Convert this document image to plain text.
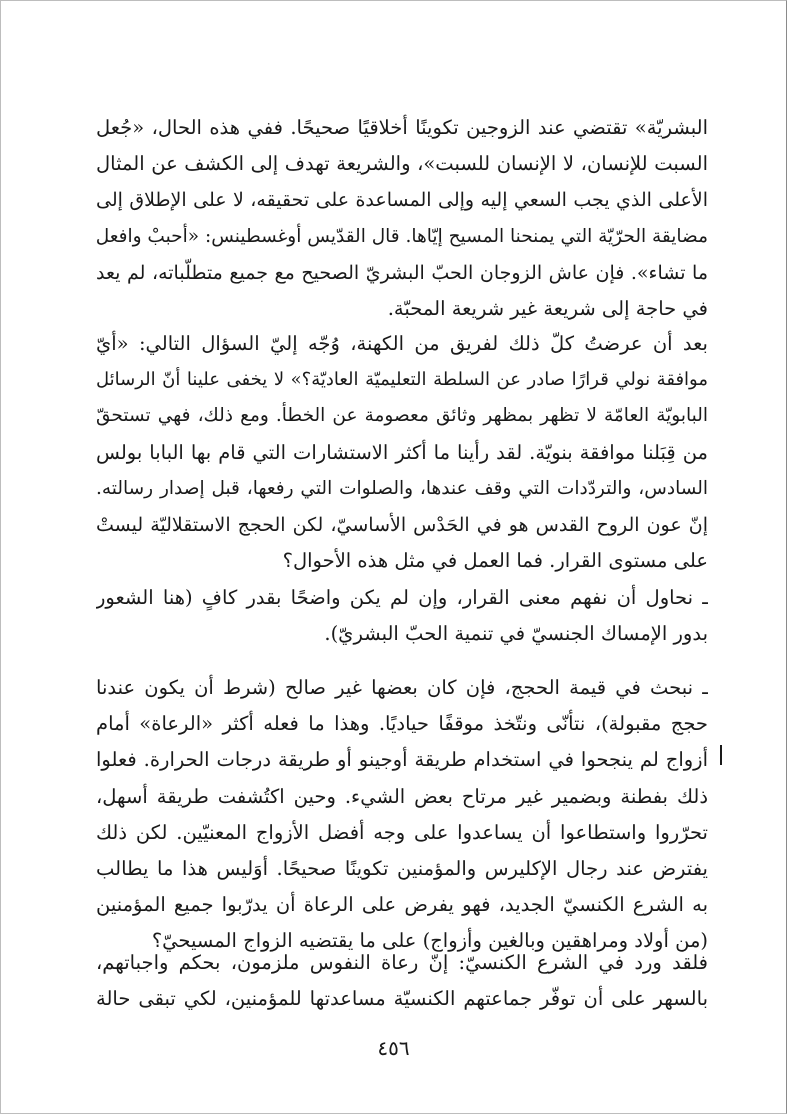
البشريّة» تقتضي عند الزوجين تكوينًا أخلاقيًا صحيحًا. ففي هذه الحال، «جُعل
السبت للإنسان، لا الإنسان للسبت»، والشريعة تهدف إلى الكشف عن المثال
الأعلى الذي يجب السعي إليه وإلى المساعدة على تحقيقه، لا على الإطلاق إلى
مضايقة الحرّيّة التي يمنحنا المسيح إيّاها. قال القدّيس أوغسطينس: «أحببْ وافعل
ما تشاء». فإن عاش الزوجان الحبّ البشريّ الصحيح مع جميع متطلّباته، لم يعد
في حاجة إلى شريعة غير شريعة المحبّة.
بعد أن عرضتُ كلّ ذلك لفريق من الكهنة، وُجّه إليّ السؤال التالي: «أيّ
موافقة نولي قرارًا صادر عن السلطة التعليميّة العاديّة؟» لا يخفى علينا أنّ الرسائل
البابويّة العامّة لا تظهر بمظهر وثائق معصومة عن الخطأ. ومع ذلك، فهي تستحقّ
من قِبَلنا موافقة بنويّة. لقد رأينا ما أكثر الاستشارات التي قام بها البابا بولس
السادس، والتردّدات التي وقف عندها، والصلوات التي رفعها، قبل إصدار رسالته.
إنّ عون الروح القدس هو في الحَدْس الأساسيّ، لكن الحجج الاستقلاليّة ليستْ
على مستوى القرار. فما العمل في مثل هذه الأحوال؟
ـ نحاول أن نفهم معنى القرار، وإن لم يكن واضحًا بقدر كافٍ (هنا الشعور
بدور الإمساك الجنسيّ في تنمية الحبّ البشريّ).
ـ نبحث في قيمة الحجج، فإن كان بعضها غير صالح (شرط أن يكون عندنا
حجج مقبولة)، نتأنّى ونتّخذ موقفًا حياديًا. وهذا ما فعله أكثر «الرعاة» أمام
أزواج لم ينجحوا في استخدام طريقة أوجينو أو طريقة درجات الحرارة. فعلوا
ذلك بفطنة وبضمير غير مرتاح بعض الشيء. وحين اكتُشفت طريقة أسهل،
تحرّروا واستطاعوا أن يساعدوا على وجه أفضل الأزواج المعنيّين. لكن ذلك
يفترض عند رجال الإكليرس والمؤمنين تكوينًا صحيحًا. أوَليس هذا ما يطالب
به الشرع الكنسيّ الجديد، فهو يفرض على الرعاة أن يدرّبوا جميع المؤمنين
(من أولاد ومراهقين وبالغين وأزواج) على ما يقتضيه الزواج المسيحيّ؟
فلقد ورد في الشرع الكنسيّ: إنّ رعاة النفوس ملزمون، بحكم واجباتهم،
بالسهر على أن توفّر جماعتهم الكنسيّة مساعدتها للمؤمنين، لكي تبقى حالة
٤٥٦
